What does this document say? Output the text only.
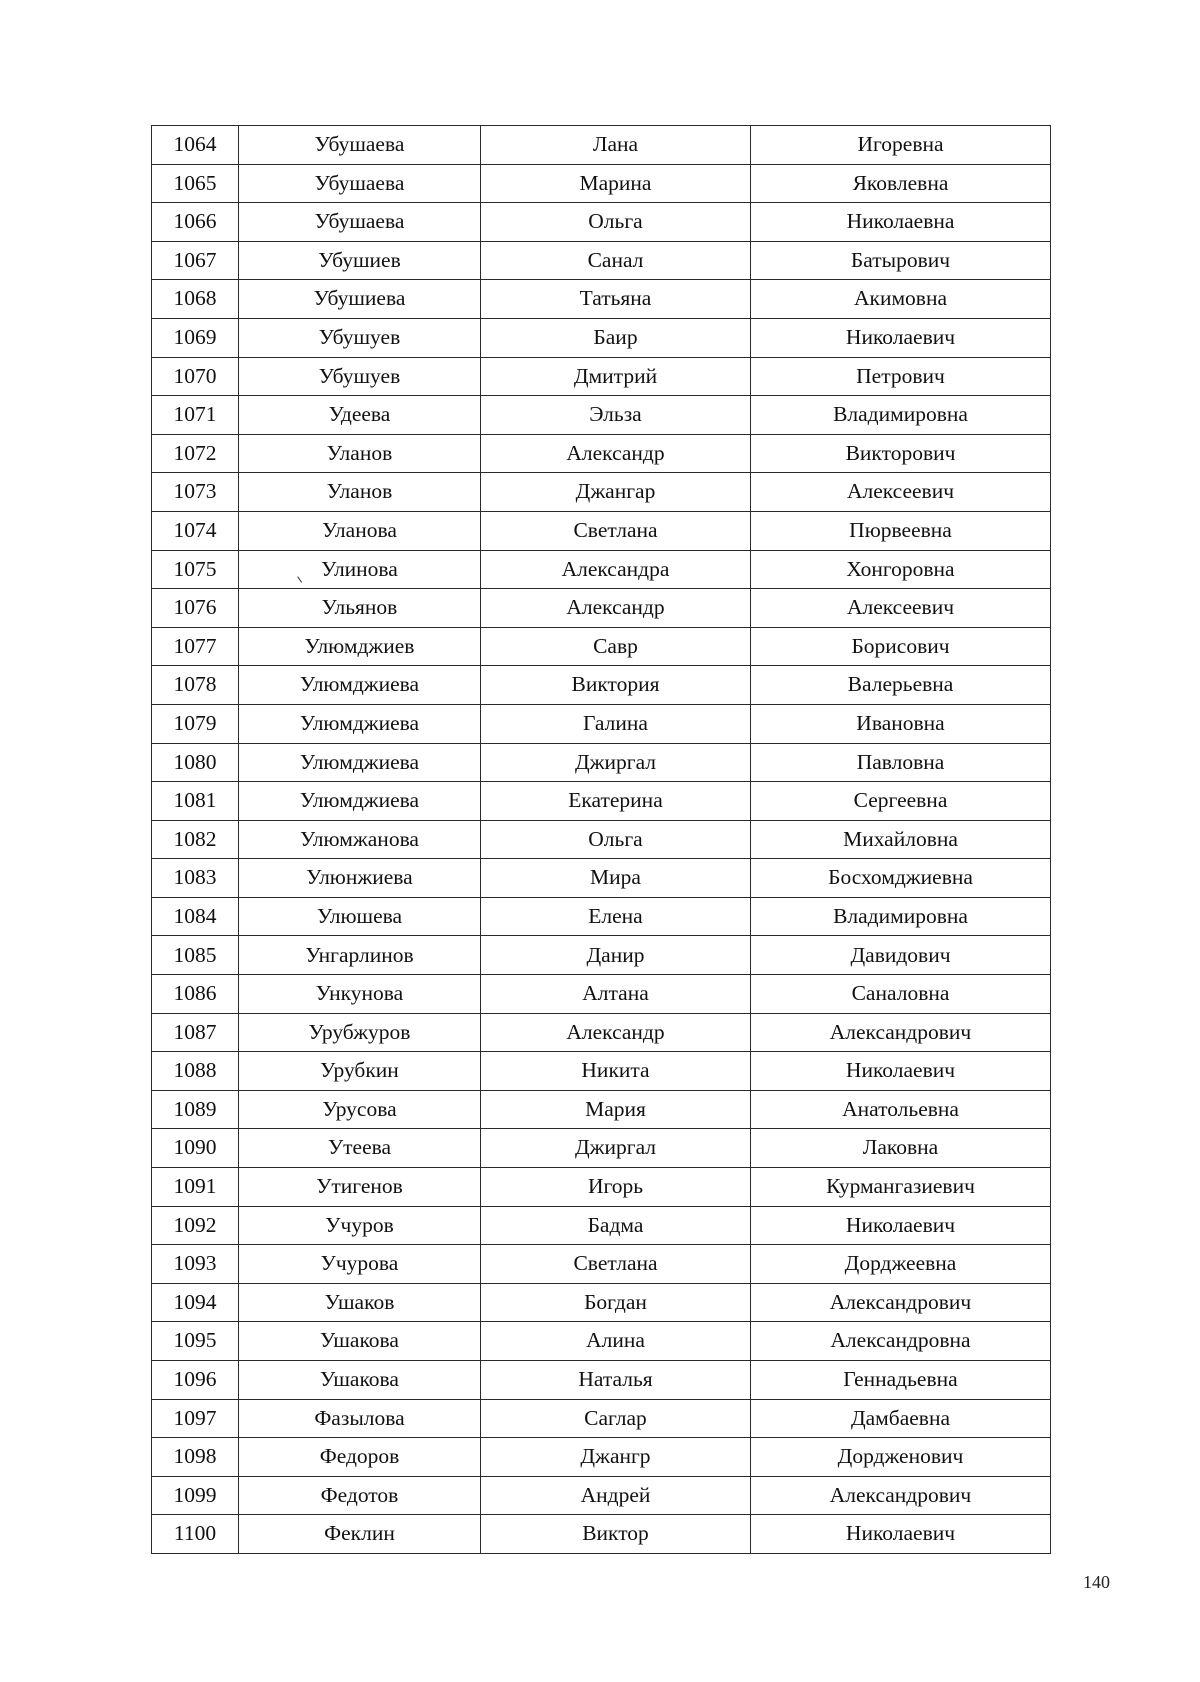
1064	Убушаева	Лана	Игоревна
1065	Убушаева	Марина	Яковлевна
1066	Убушаева	Ольга	Николаевна
1067	Убушиев	Санал	Батырович
1068	Убушиева	Татьяна	Акимовна
1069	Убушуев	Баир	Николаевич
1070	Убушуев	Дмитрий	Петрович
1071	Удеева	Эльза	Владимировна
1072	Уланов	Александр	Викторович
1073	Уланов	Джангар	Алексеевич
1074	Уланова	Светлана	Пюрвеевна
1075	Улинова	Александра	Хонгоровна
1076	Ульянов	Александр	Алексеевич
1077	Улюмджиев	Савр	Борисович
1078	Улюмджиева	Виктория	Валерьевна
1079	Улюмджиева	Галина	Ивановна
1080	Улюмджиева	Джиргал	Павловна
1081	Улюмджиева	Екатерина	Сергеевна
1082	Улюмжанова	Ольга	Михайловна
1083	Улюнжиева	Мира	Босхомджиевна
1084	Улюшева	Елена	Владимировна
1085	Унгарлинов	Данир	Давидович
1086	Ункунова	Алтана	Саналовна
1087	Урубжуров	Александр	Александрович
1088	Урубкин	Никита	Николаевич
1089	Урусова	Мария	Анатольевна
1090	Утеева	Джиргал	Лаковна
1091	Утигенов	Игорь	Курмангазиевич
1092	Учуров	Бадма	Николаевич
1093	Учурова	Светлана	Дорджеевна
1094	Ушаков	Богдан	Александрович
1095	Ушакова	Алина	Александровна
1096	Ушакова	Наталья	Геннадьевна
1097	Фазылова	Саглар	Дамбаевна
1098	Федоров	Джангр	Дордженович
1099	Федотов	Андрей	Александрович
1100	Феклин	Виктор	Николаевич
140
